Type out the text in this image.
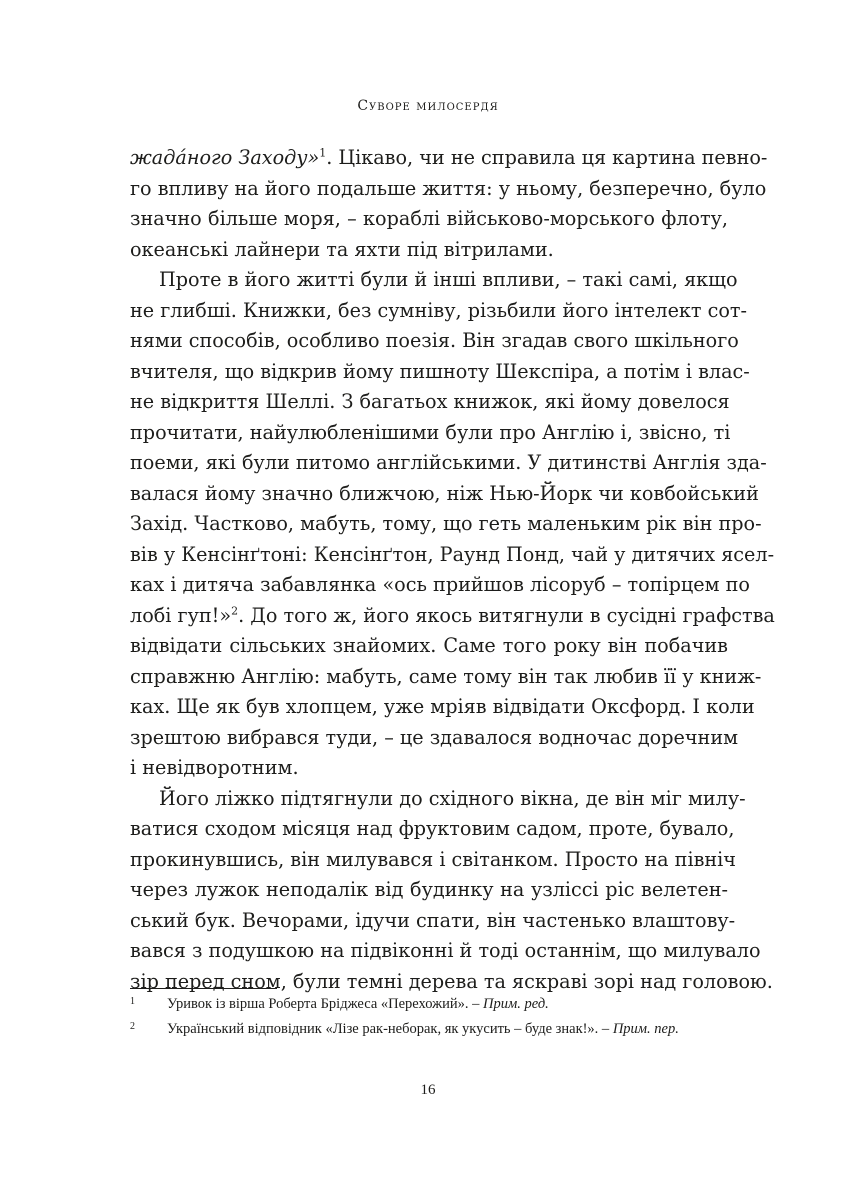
Суворе милосердя

жада́ного Заходу»$^1$. Цікаво, чи не справила ця картина певно-
го впливу на його подальше життя: у ньому, безперечно, було
значно більше моря, – кораблі військово-морського флоту,
океанські лайнери та яхти під вітрилами.

Проте в його житті були й інші впливи, – такі самі, якщо
не глибші. Книжки, без сумніву, різьбили його інтелект сот-
нями способів, особливо поезія. Він згадав свого шкільного
вчителя, що відкрив йому пишноту Шекспіра, а потім і влас-
не відкриття Шеллі. З багатьох книжок, які йому довелося
прочитати, найулюбленішими були про Англію і, звісно, ті
поеми, які були питомо англійськими. У дитинстві Англія зда-
валася йому значно ближчою, ніж Нью-Йорк чи ковбойський
Захід. Частково, мабуть, тому, що геть маленьким рік він про-
вів у Кенсінґтоні: Кенсінґтон, Раунд Понд, чай у дитячих ясел-
ках і дитяча забавлянка «ось прийшов лісоруб – топірцем по
лобі гуп!»$^2$. До того ж, його якось витягнули в сусідні графства
відвідати сільських знайомих. Саме того року він побачив
справжню Англію: мабуть, саме тому він так любив її у книж-
ках. Ще як був хлопцем, уже мріяв відвідати Оксфорд. І коли
зрештою вибрався туди, – це здавалося водночас доречним
і невідворотним.

Його ліжко підтягнули до східного вікна, де він міг милу-
ватися сходом місяця над фруктовим садом, проте, бувало,
прокинувшись, він милувався і світанком. Просто на північ
через лужок неподалік від будинку на узліссі ріс велетен-
ський бук. Вечорами, ідучи спати, він частенько влаштову-
вався з подушкою на підвіконні й тоді останнім, що милувало
зір перед сном, були темні дерева та яскраві зорі над головою.

1 Уривок із вірша Роберта Бріджеса «Перехожий». – Прим. ред.
2 Український відповідник «Лізе рак-неборак, як укусить – буде знак!». – Прим. пер.
16
